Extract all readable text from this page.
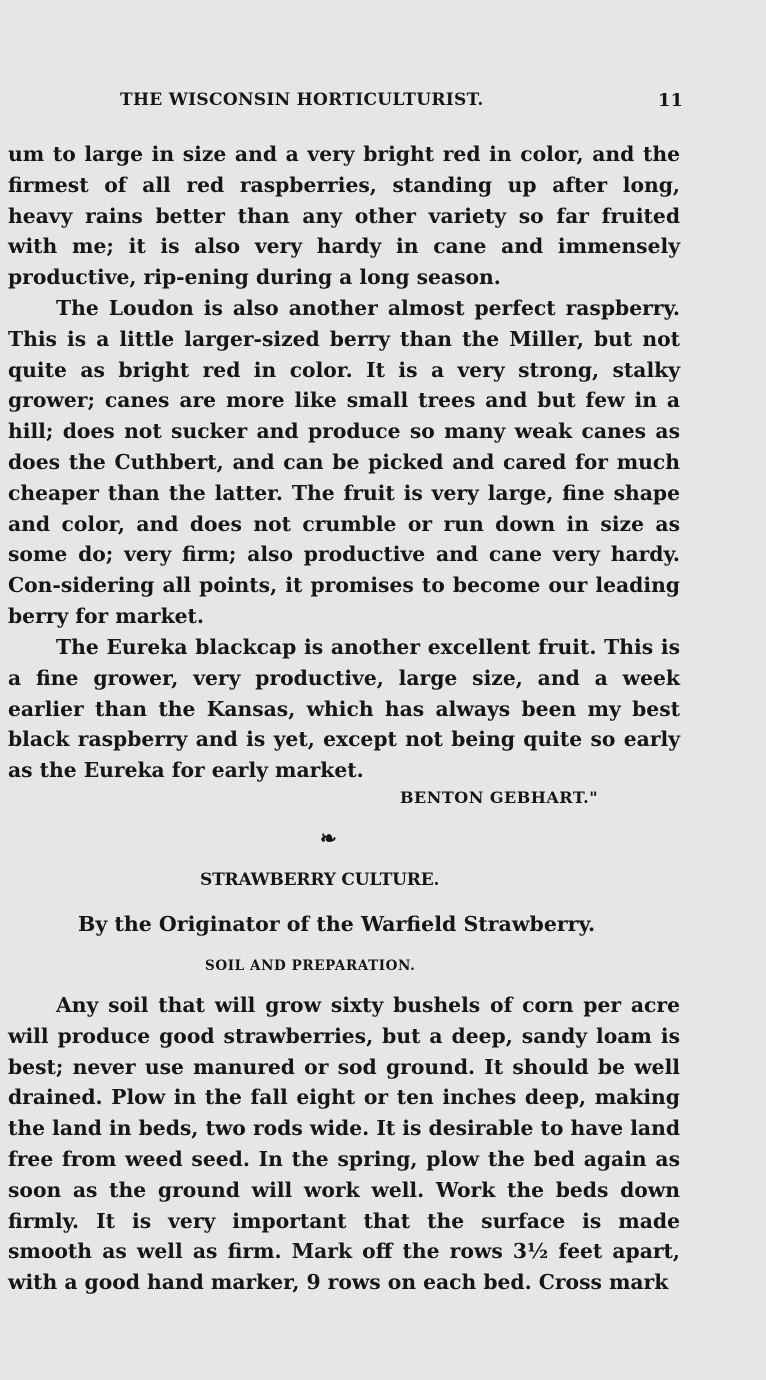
THE WISCONSIN HORTICULTURIST.	11

um to large in size and a very bright red in color, and the firmest of all red raspberries, standing up after long, heavy rains better than any other variety so far fruited with me; it is also very hardy in cane and immensely productive, rip-ening during a long season.

The Loudon is also another almost perfect raspberry. This is a little larger-sized berry than the Miller, but not quite as bright red in color. It is a very strong, stalky grower; canes are more like small trees and but few in a hill; does not sucker and produce so many weak canes as does the Cuthbert, and can be picked and cared for much cheaper than the latter. The fruit is very large, fine shape and color, and does not crumble or run down in size as some do; very firm; also productive and cane very hardy. Con-sidering all points, it promises to become our leading berry for market.

The Eureka blackcap is another excellent fruit. This is a fine grower, very productive, large size, and a week earlier than the Kansas, which has always been my best black raspberry and is yet, except not being quite so early as the Eureka for early market.

BENTON GEBHART."
❧
STRAWBERRY CULTURE.
By the Originator of the Warfield Strawberry.
SOIL AND PREPARATION.

Any soil that will grow sixty bushels of corn per acre will produce good strawberries, but a deep, sandy loam is best; never use manured or sod ground. It should be well drained. Plow in the fall eight or ten inches deep, making the land in beds, two rods wide. It is desirable to have land free from weed seed. In the spring, plow the bed again as soon as the ground will work well. Work the beds down firmly. It is very important that the surface is made smooth as well as firm. Mark off the rows 3½ feet apart, with a good hand marker, 9 rows on each bed. Cross mark
